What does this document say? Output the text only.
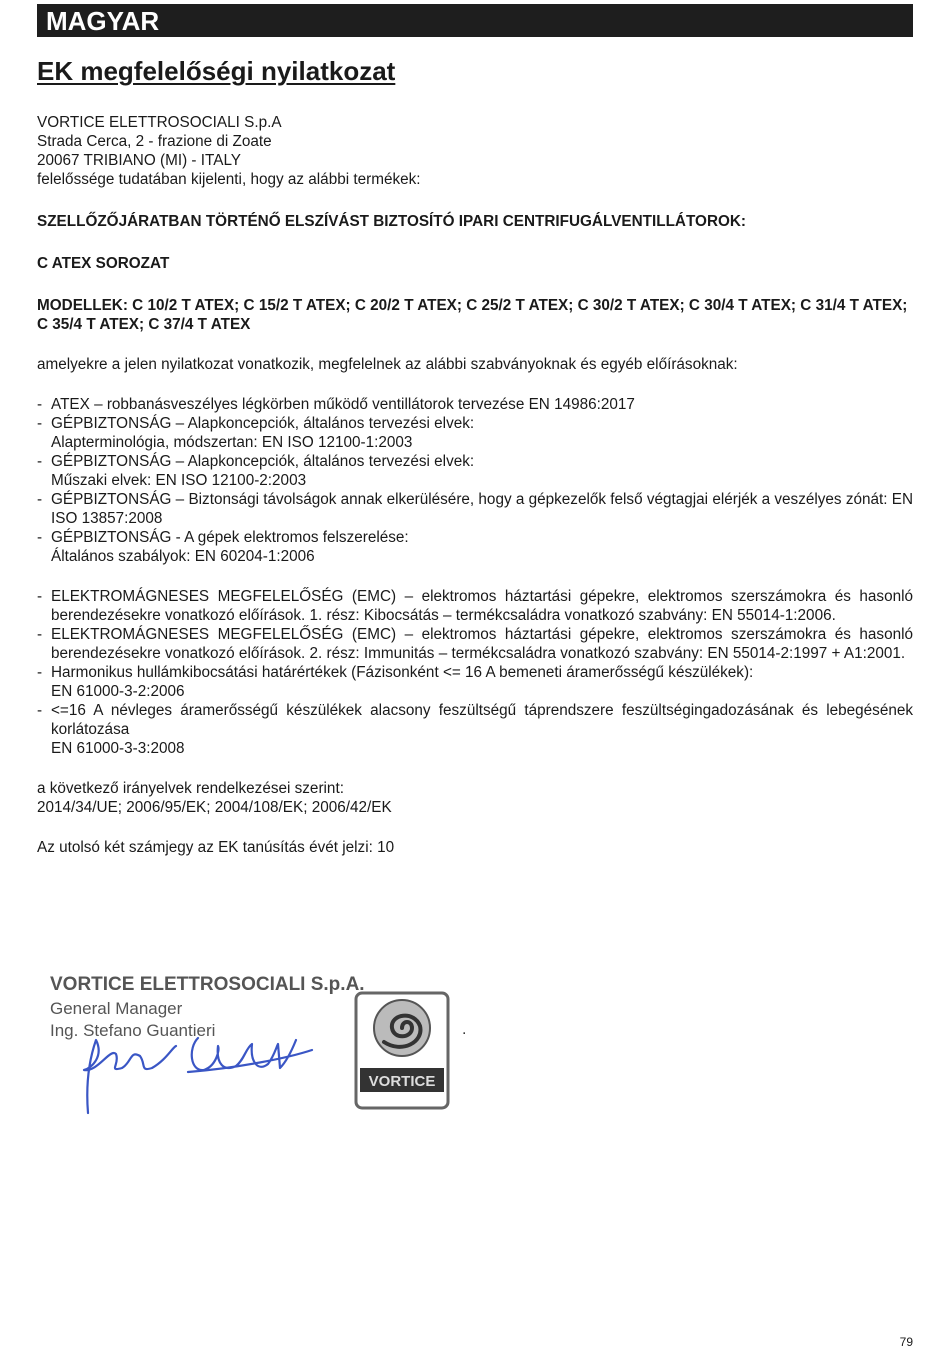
MAGYAR
EK megfelelőségi nyilatkozat

VORTICE ELETTROSOCIALI S.p.A

Strada Cerca, 2 - frazione di Zoate

20067 TRIBIANO (MI) - ITALY

felelőssége tudatában kijelenti, hogy az alábbi termékek:

SZELLŐZŐJÁRATBAN TÖRTÉNŐ ELSZÍVÁST BIZTOSÍTÓ IPARI CENTRIFUGÁLVENTILLÁTOROK:

C ATEX SOROZAT

MODELLEK: C 10/2 T ATEX; C 15/2 T ATEX; C 20/2 T ATEX; C 25/2 T ATEX; C 30/2 T ATEX; C 30/4 T ATEX; C 31/4 T ATEX; C 35/4 T ATEX; C 37/4 T ATEX

amelyekre a jelen nyilatkozat vonatkozik, megfelelnek az alábbi szabványoknak és egyéb előírásoknak:

- ATEX – robbanásveszélyes légkörben működő ventillátorok tervezése EN 14986:2017
- GÉPBIZTONSÁG – Alapkoncepciók, általános tervezési elvek:
Alapterminológia, módszertan: EN ISO 12100-1:2003
- GÉPBIZTONSÁG – Alapkoncepciók, általános tervezési elvek:
Műszaki elvek: EN ISO 12100-2:2003
- GÉPBIZTONSÁG – Biztonsági távolságok annak elkerülésére, hogy a gépkezelők felső végtagjai elérjék a veszélyes zónát: EN ISO 13857:2008
- GÉPBIZTONSÁG - A gépek elektromos felszerelése:
Általános szabályok: EN 60204-1:2006
- ELEKTROMÁGNESES MEGFELELŐSÉG (EMC) – elektromos háztartási gépekre, elektromos szerszámokra és hasonló berendezésekre vonatkozó előírások. 1. rész: Kibocsátás – termékcsaládra vonatkozó szabvány: EN 55014-1:2006.
- ELEKTROMÁGNESES MEGFELELŐSÉG (EMC) – elektromos háztartási gépekre, elektromos szerszámokra és hasonló berendezésekre vonatkozó előírások. 2. rész: Immunitás – termékcsaládra vonatkozó szabvány: EN 55014-2:1997 + A1:2001.
- Harmonikus hullámkibocsátási határértékek (Fázisonként <= 16 A bemeneti áramerősségű készülékek):
EN 61000-3-2:2006
- <=16 A névleges áramerősségű készülékek alacsony feszültségű táprendszere feszültségingadozásának és lebegésének korlátozása
EN 61000-3-3:2008

a következő irányelvek rendelkezései szerint:

2014/34/UE; 2006/95/EK; 2004/108/EK; 2006/42/EK

Az utolsó két számjegy az EK tanúsítás évét jelzi: 10

VORTICE ELETTROSOCIALI S.p.A.
General Manager
Ing. Stefano Guantieri
VORTICE
.
79
